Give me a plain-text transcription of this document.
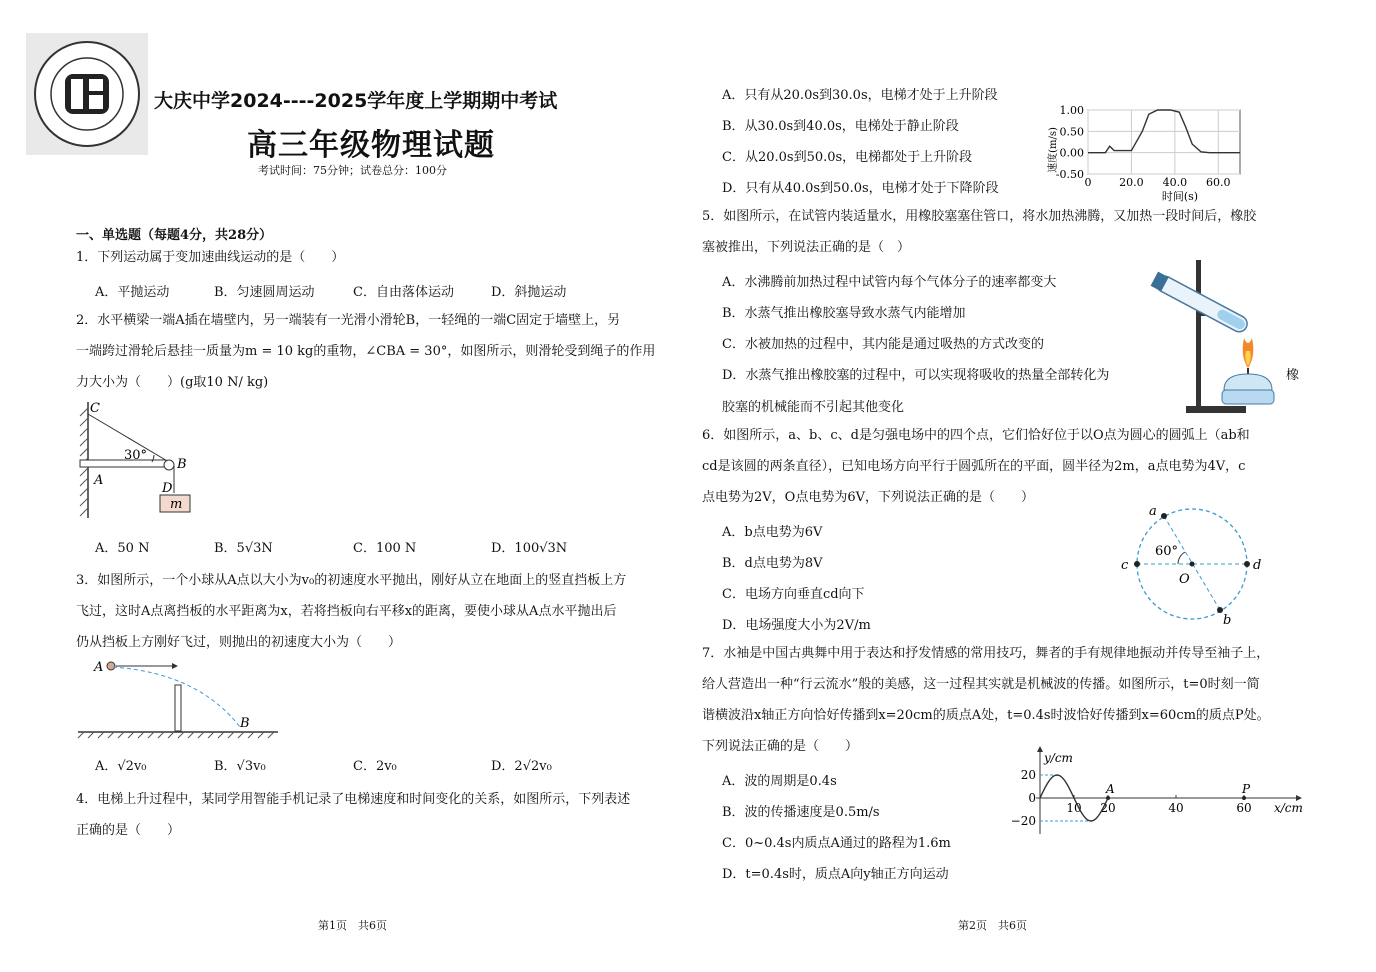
大庆中学2024----2025学年度上学期期中考试
高三年级物理试题
考试时间：75分钟；试卷总分：100分
一、单选题（每题4分，共28分）
1．下列运动属于变加速曲线运动的是（　　）
A．平抛运动	B．匀速圆周运动	C．自由落体运动	D．斜抛运动
2．水平横梁一端A插在墙壁内，另一端装有一光滑小滑轮B，一轻绳的一端C固定于墙壁上，另
一端跨过滑轮后悬挂一质量为m = 10 kg的重物，∠CBA = 30°，如图所示，则滑轮受到绳子的作用
力大小为（　　）(g取10 N/ kg)
C
30°
B
A
D
m
A．50 N	B．5√3N	C．100 N	D．100√3N
3．如图所示，一个小球从A点以大小为v₀的初速度水平抛出，刚好从立在地面上的竖直挡板上方
飞过，这时A点离挡板的水平距离为x，若将挡板向右平移x的距离，要使小球从A点水平抛出后
仍从挡板上方刚好飞过，则抛出的初速度大小为（　　）
A
B
A．√2v₀	B．√3v₀	C．2v₀	D．2√2v₀
4．电梯上升过程中，某同学用智能手机记录了电梯速度和时间变化的关系，如图所示，下列表述
正确的是（　　）
第1页　共6页
A．只有从20.0s到30.0s，电梯才处于上升阶段
B．从30.0s到40.0s，电梯处于静止阶段
C．从20.0s到50.0s，电梯都处于上升阶段
D．只有从40.0s到50.0s，电梯才处于下降阶段
1.00
0.50
0.00
-0.50
0	20.0 40.0 60.0
速度(m/s)
时间(s)
5．如图所示，在试管内装适量水，用橡胶塞塞住管口，将水加热沸腾，又加热一段时间后，橡胶
塞被推出，下列说法正确的是（　）
A．水沸腾前加热过程中试管内每个气体分子的速率都变大
B．水蒸气推出橡胶塞导致水蒸气内能增加
C．水被加热的过程中，其内能是通过吸热的方式改变的
D．水蒸气推出橡胶塞的过程中，可以实现将吸收的热量全部转化为	橡
胶塞的机械能而不引起其他变化
6．如图所示，a、b、c、d是匀强电场中的四个点，它们恰好位于以O点为圆心的圆弧上（ab和
cd是该圆的两条直径），已知电场方向平行于圆弧所在的平面，圆半径为2m，a点电势为4V，c
点电势为2V，O点电势为6V，下列说法正确的是（　　）
A．b点电势为6V
B．d点电势为8V
C．电场方向垂直cd向下
D．电场强度大小为2V/m
a
b
c	d
O
60°
7．水袖是中国古典舞中用于表达和抒发情感的常用技巧，舞者的手有规律地振动并传导至袖子上，
给人营造出一种“行云流水”般的美感，这一过程其实就是机械波的传播。如图所示，t=0时刻一简
谐横波沿x轴正方向恰好传播到x=20cm的质点A处，t=0.4s时波恰好传播到x=60cm的质点P处。
下列说法正确的是（　　）
A．波的周期是0.4s
B．波的传播速度是0.5m/s
C．0~0.4s内质点A通过的路程为1.6m
D．t=0.4s时，质点A向y轴正方向运动
20
0
−20
10 20	40	60
y/cm
x/cm
A	P
第2页　共6页
